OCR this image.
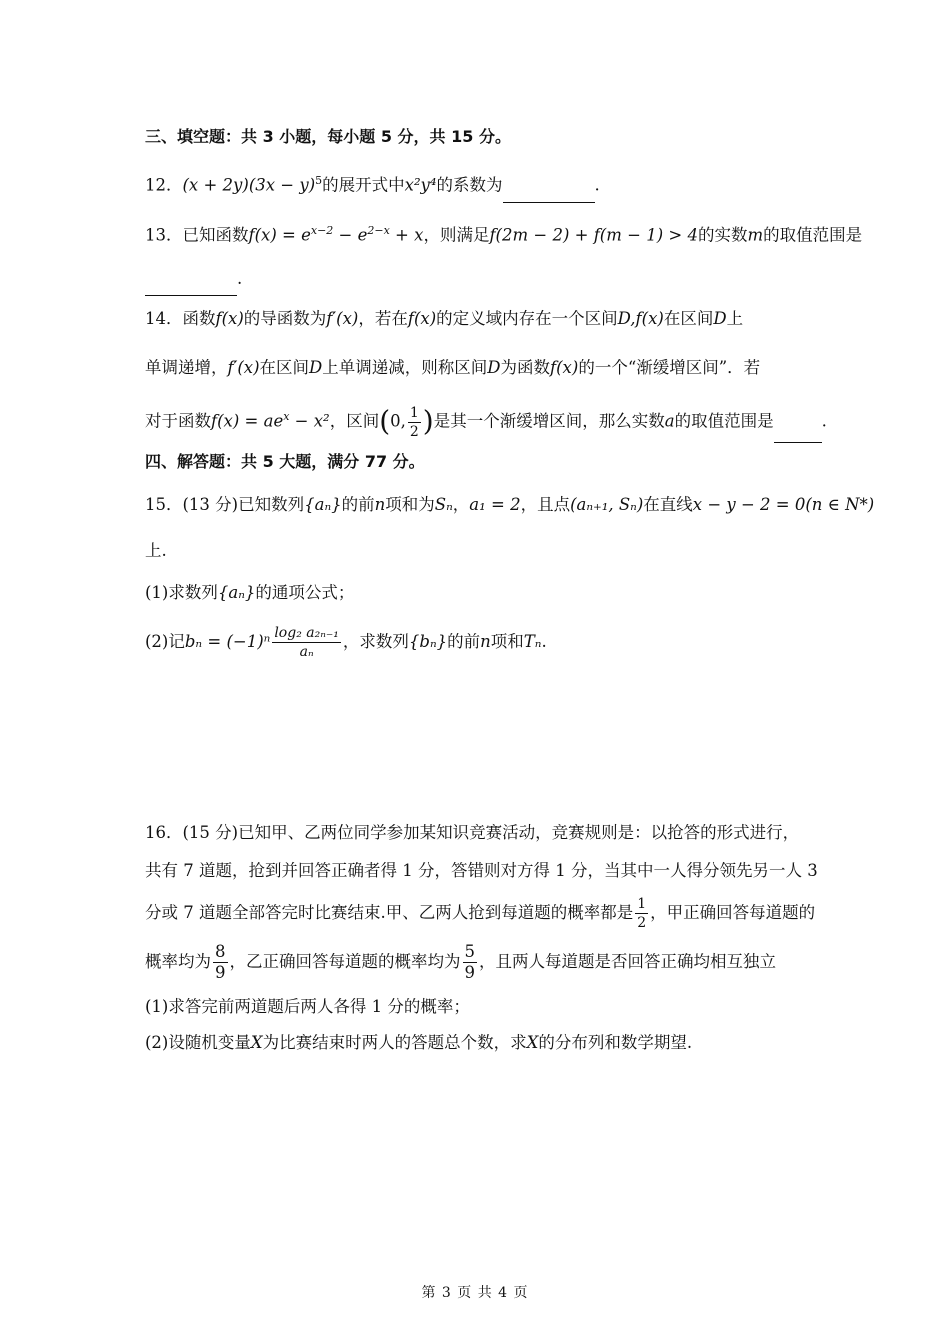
三、填空题：共 3 小题，每小题 5 分，共 15 分。
12．$(x + 2y)(3x - y)^5$的展开式中x²y⁴的系数为	.
13．已知函数$f(x) = e^{x-2} - e^{2-x} + x$，则满足f(2m − 2) + f(m − 1) > 4的实数m的取值范围是
.
14．函数f(x)的导函数为f′(x)，若在f(x)的定义域内存在一个区间D,f(x)在区间D上
单调递增，f′(x)在区间D上单调递减，则称区间D为函数f(x)的一个“渐缓增区间”．若
对于函数$f(x) = ae^x - x^2$，区间(0, $\frac{1}{2}$ )是其一个渐缓增区间，那么实数a的取值范围是	.
四、解答题：共 5 大题，满分 77 分。
15．(13 分)已知数列{aₙ}的前n项和为Sₙ，a₁ = 2，且点(aₙ₊₁, Sₙ)在直线x − y − 2 = 0(n ∈ N*)
上.
(1)求数列{aₙ}的通项公式；
(2)记$b_n = (-1)^n \frac{\text{log₂ a₂ₙ₋₁}}{\text{aₙ}}$ ，求数列{bₙ}的前n项和Tₙ.
16．(15 分)已知甲、乙两位同学参加某知识竞赛活动，竞赛规则是：以抢答的形式进行，
共有 7 道题，抢到并回答正确者得 1 分，答错则对方得 1 分，当其中一人得分领先另一人 3
分或 7 道题全部答完时比赛结束.甲、乙两人抢到每道题的概率都是 $\frac{1}{2}$ ，甲正确回答每道题的
概率均为 $\frac{8}{9}$ ，乙正确回答每道题的概率均为 $\frac{5}{9}$ ，且两人每道题是否回答正确均相互独立
(1)求答完前两道题后两人各得 1 分的概率；
(2)设随机变量X为比赛结束时两人的答题总个数，求X的分布列和数学期望.
第 3 页 共 4 页
